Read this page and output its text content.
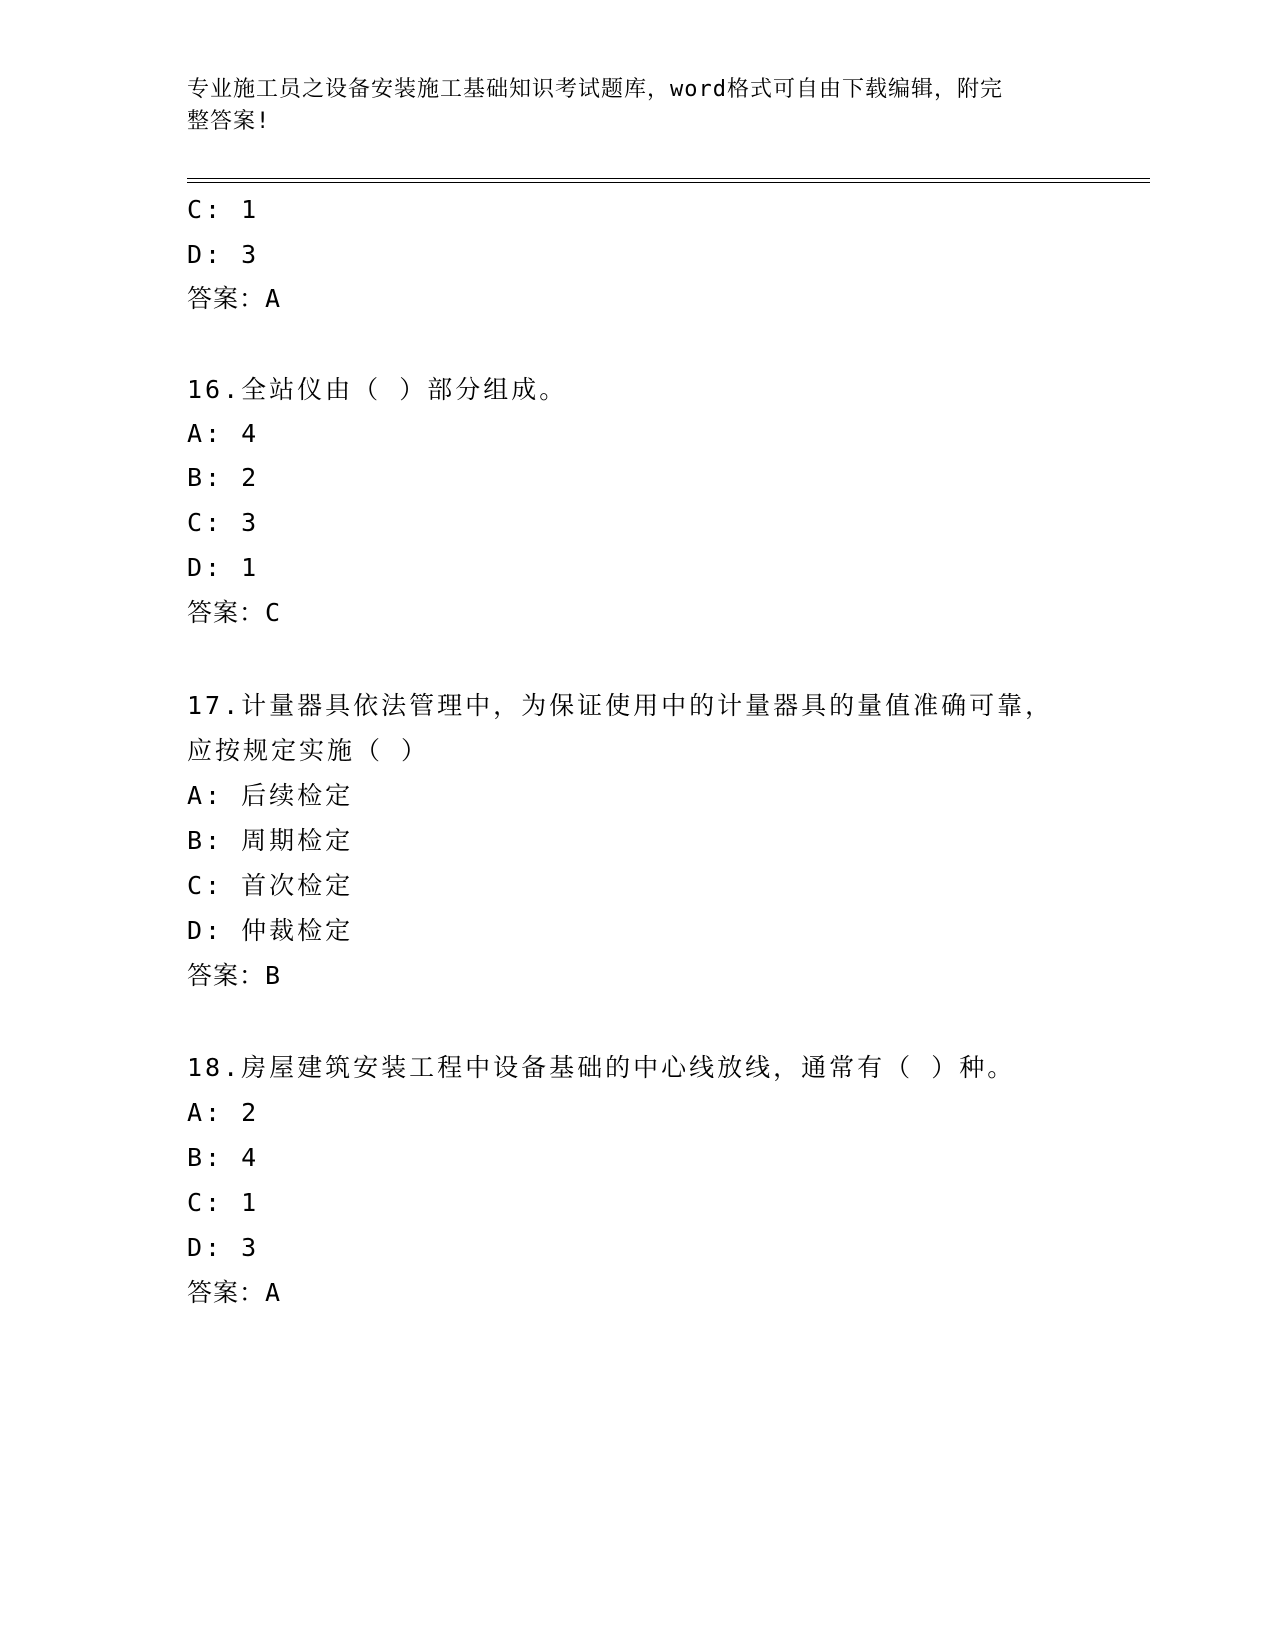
专业施工员之设备安装施工基础知识考试题库，word格式可自由下载编辑，附完
整答案!
C: 1
D: 3
答案：A
16.全站仪由（ ）部分组成。
A: 4
B: 2
C: 3
D: 1
答案：C
17.计量器具依法管理中，为保证使用中的计量器具的量值准确可靠，
应按规定实施（ ）
A: 后续检定
B: 周期检定
C: 首次检定
D: 仲裁检定
答案：B
18.房屋建筑安装工程中设备基础的中心线放线，通常有（ ）种。
A: 2
B: 4
C: 1
D: 3
答案：A
